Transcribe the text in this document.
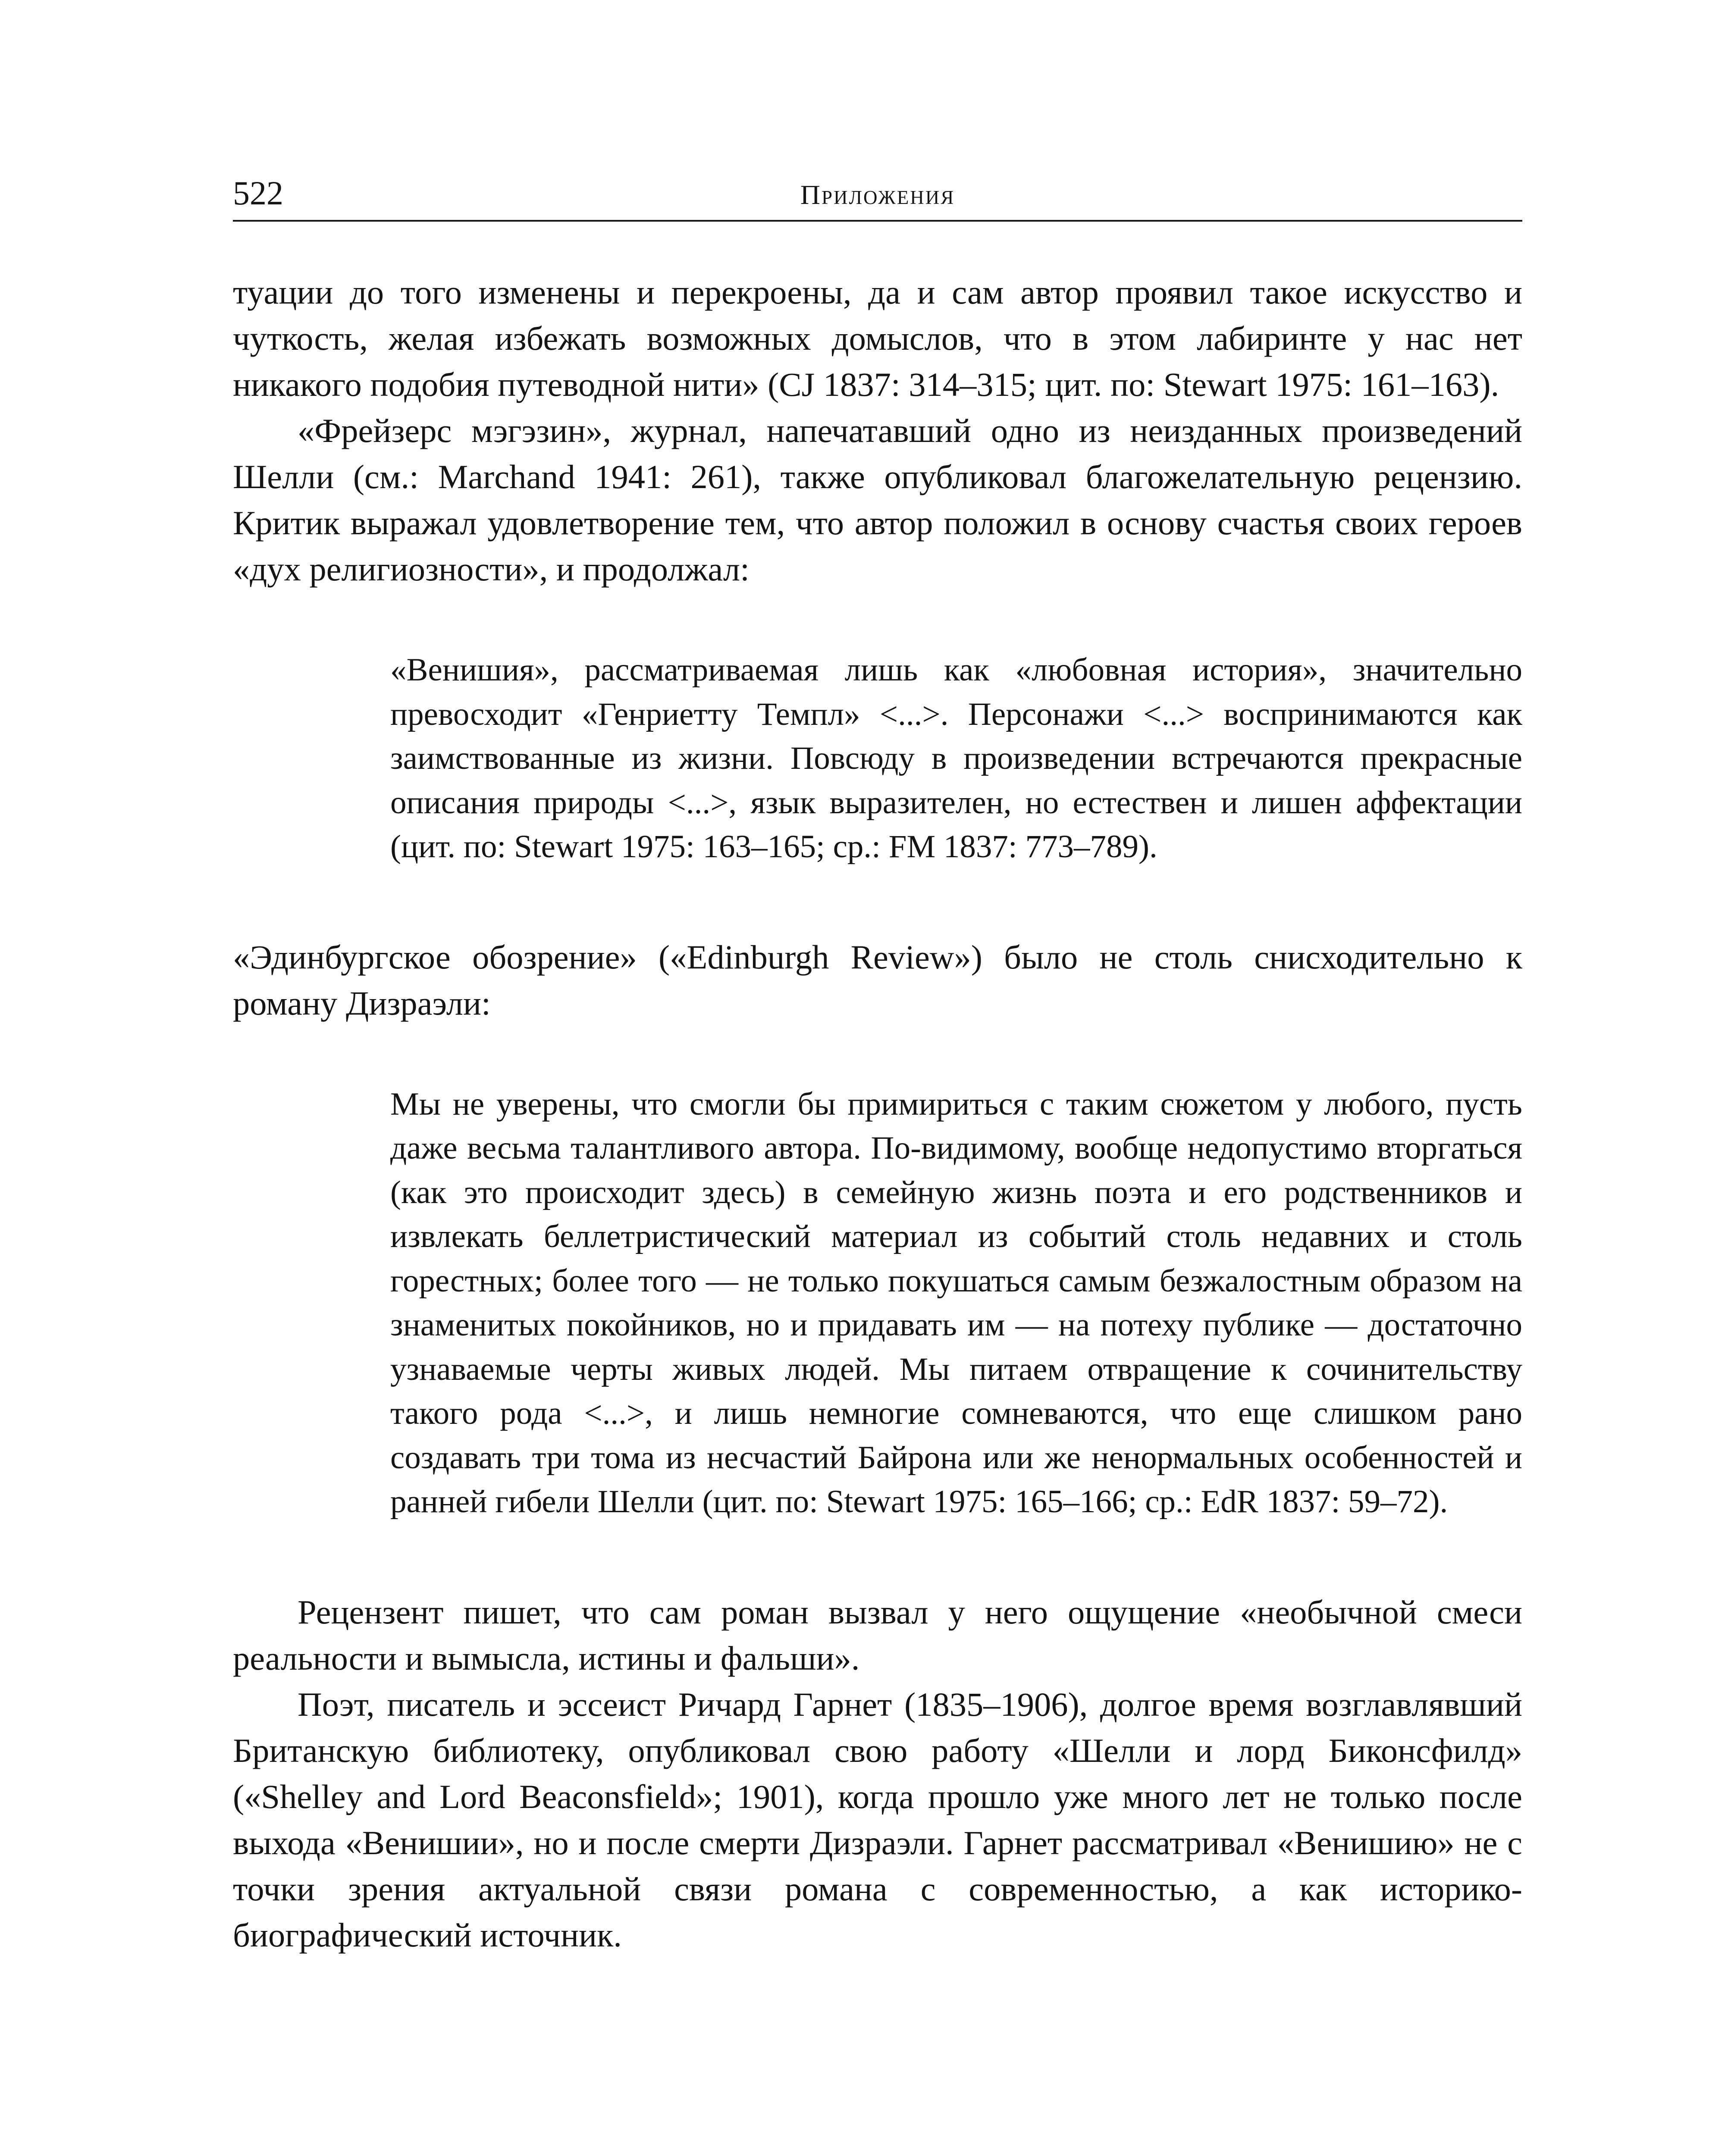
522	Приложения

туации до того изменены и перекроены, да и сам автор проявил такое искусство и чуткость, желая избежать возможных домыслов, что в этом лабиринте у нас нет никакого подобия путеводной нити» (CJ 1837: 314–315; цит. по: Stewart 1975: 161–163).

«Фрейзерс мэгэзин», журнал, напечатавший одно из неизданных произведений Шелли (см.: Marchand 1941: 261), также опубликовал благожелательную рецензию. Критик выражал удовлетворение тем, что автор положил в основу счастья своих героев «дух религиозности», и продолжал:

«Венишия», рассматриваемая лишь как «любовная история», значительно превосходит «Генриетту Темпл» <...>. Персонажи <...> воспринимаются как заимствованные из жизни. Повсюду в произведении встречаются прекрасные описания природы <...>, язык выразителен, но естествен и лишен аффектации (цит. по: Stewart 1975: 163–165; ср.: FM 1837: 773–789).

«Эдинбургское обозрение» («Edinburgh Review») было не столь снисходительно к роману Дизраэли:

Мы не уверены, что смогли бы примириться с таким сюжетом у любого, пусть даже весьма талантливого автора. По-видимому, вообще недопустимо вторгаться (как это происходит здесь) в семейную жизнь поэта и его родственников и извлекать беллетристический материал из событий столь недавних и столь горестных; более того — не только покушаться самым безжалостным образом на знаменитых покойников, но и придавать им — на потеху публике — достаточно узнаваемые черты живых людей. Мы питаем отвращение к сочинительству такого рода <...>, и лишь немногие сомневаются, что еще слишком рано создавать три тома из несчастий Байрона или же ненормальных особенностей и ранней гибели Шелли (цит. по: Stewart 1975: 165–166; ср.: EdR 1837: 59–72).

Рецензент пишет, что сам роман вызвал у него ощущение «необычной смеси реальности и вымысла, истины и фальши».

Поэт, писатель и эссеист Ричард Гарнет (1835–1906), долгое время возглавлявший Британскую библиотеку, опубликовал свою работу «Шелли и лорд Биконсфилд» («Shelley and Lord Beaconsfield»; 1901), когда прошло уже много лет не только после выхода «Венишии», но и после смерти Дизраэли. Гарнет рассматривал «Венишию» не с точки зрения актуальной связи романа с современностью, а как историко-биографический источник.
